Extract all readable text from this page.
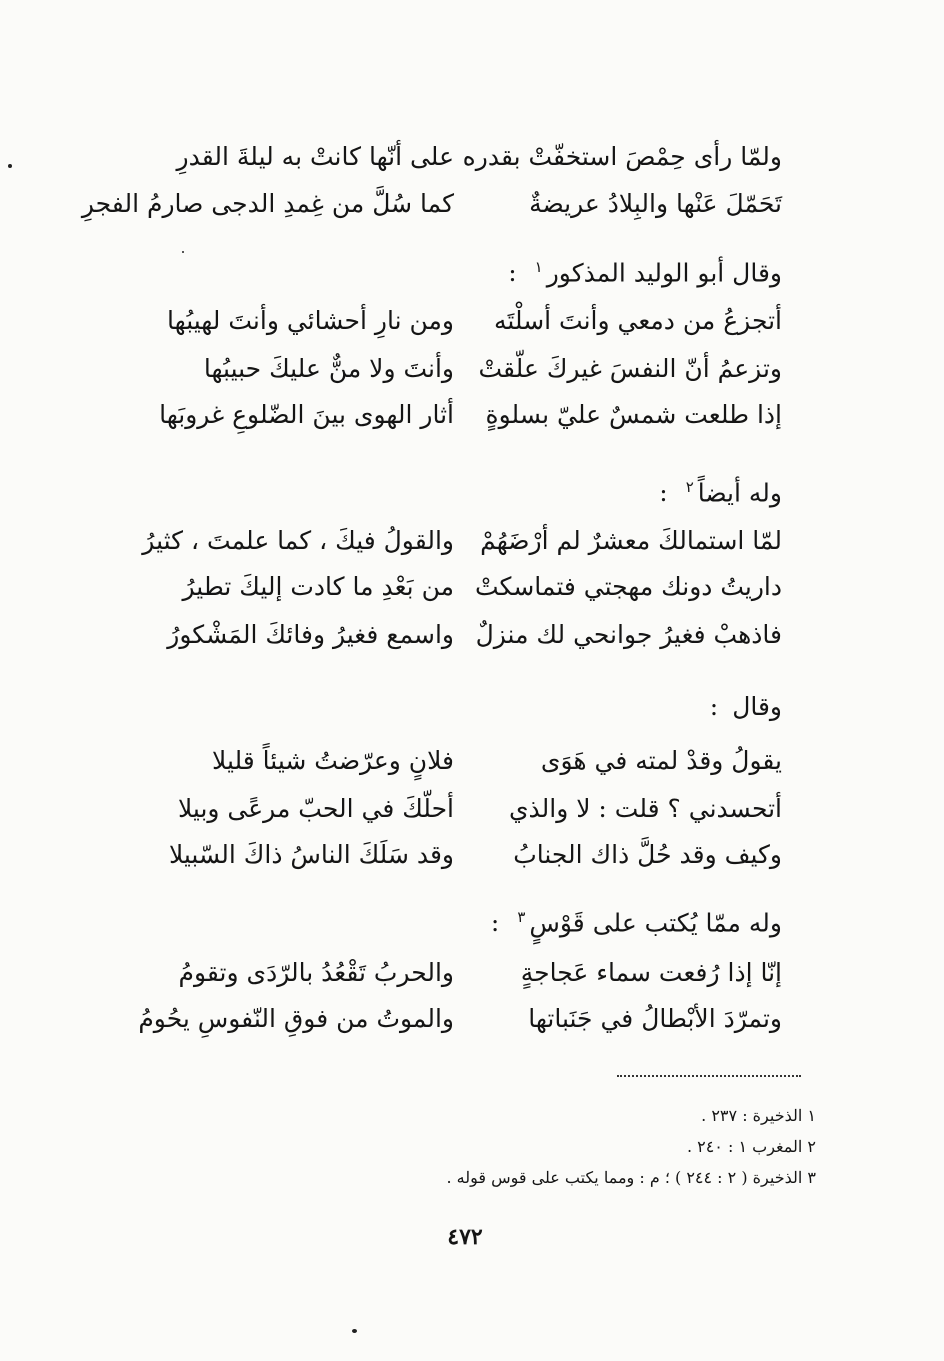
ولمّا رأى حِمْصَ استخفّتْ بقدره
على أنّها كانتْ به ليلةَ القدرِ
تَحَمّلَ عَنْها والبِلادُ عريضةٌ
كما سُلَّ من غِمدِ الدجى صارمُ الفجرِ
وقال أبو الوليد المذكور$^١$:
أتجزعُ من دمعي وأنتَ أسلْتَه
ومن نارِ أحشائي وأنتَ لهيبُها
وتزعمُ أنّ النفسَ غيركَ علّقتْ
وأنتَ ولا منٌّ عليكَ حبيبُها
إذا طلعت شمسٌ عليّ بسلوةٍ
أثار الهوى بينَ الضّلوعِ غروبَها
وله أيضاً$^٢$:
لمّا استمالكَ معشرٌ لم أرْضَهُمْ
والقولُ فيكَ ، كما علمتَ ، كثيرُ
داريتُ دونك مهجتي فتماسكتْ
من بَعْدِ ما كادت إليكَ تطيرُ
فاذهبْ فغيرُ جوانحي لك منزلٌ
واسمع فغيرُ وفائكَ المَشْكورُ
وقال:
يقولُ وقدْ لمته في هَوَى
فلانٍ وعرّضتُ شيئاً قليلا
أتحسدني ؟ قلت : لا والذي
أحلّكَ في الحبّ مرعًى وبيلا
وكيف وقد حُلَّ ذاك الجنابُ
وقد سَلَكَ الناسُ ذاكَ السّبيلا
وله ممّا يُكتب على قَوْسٍ$^٣$:
إنّا إذا رُفعت سماء عَجاجةٍ
والحربُ تَقْعُدُ بالرّدَى وتقومُ
وتمرّدَ الأبْطالُ في جَنَباتها
والموتُ من فوقِ النّفوسِ يحُومُ
١ الذخيرة : ٢٣٧ .
٢ المغرب ١ : ٢٤٠ .
٣ الذخيرة ( ٢ : ٢٤٤ ) ؛ م : ومما يكتب على قوس قوله .
٤٧٢
